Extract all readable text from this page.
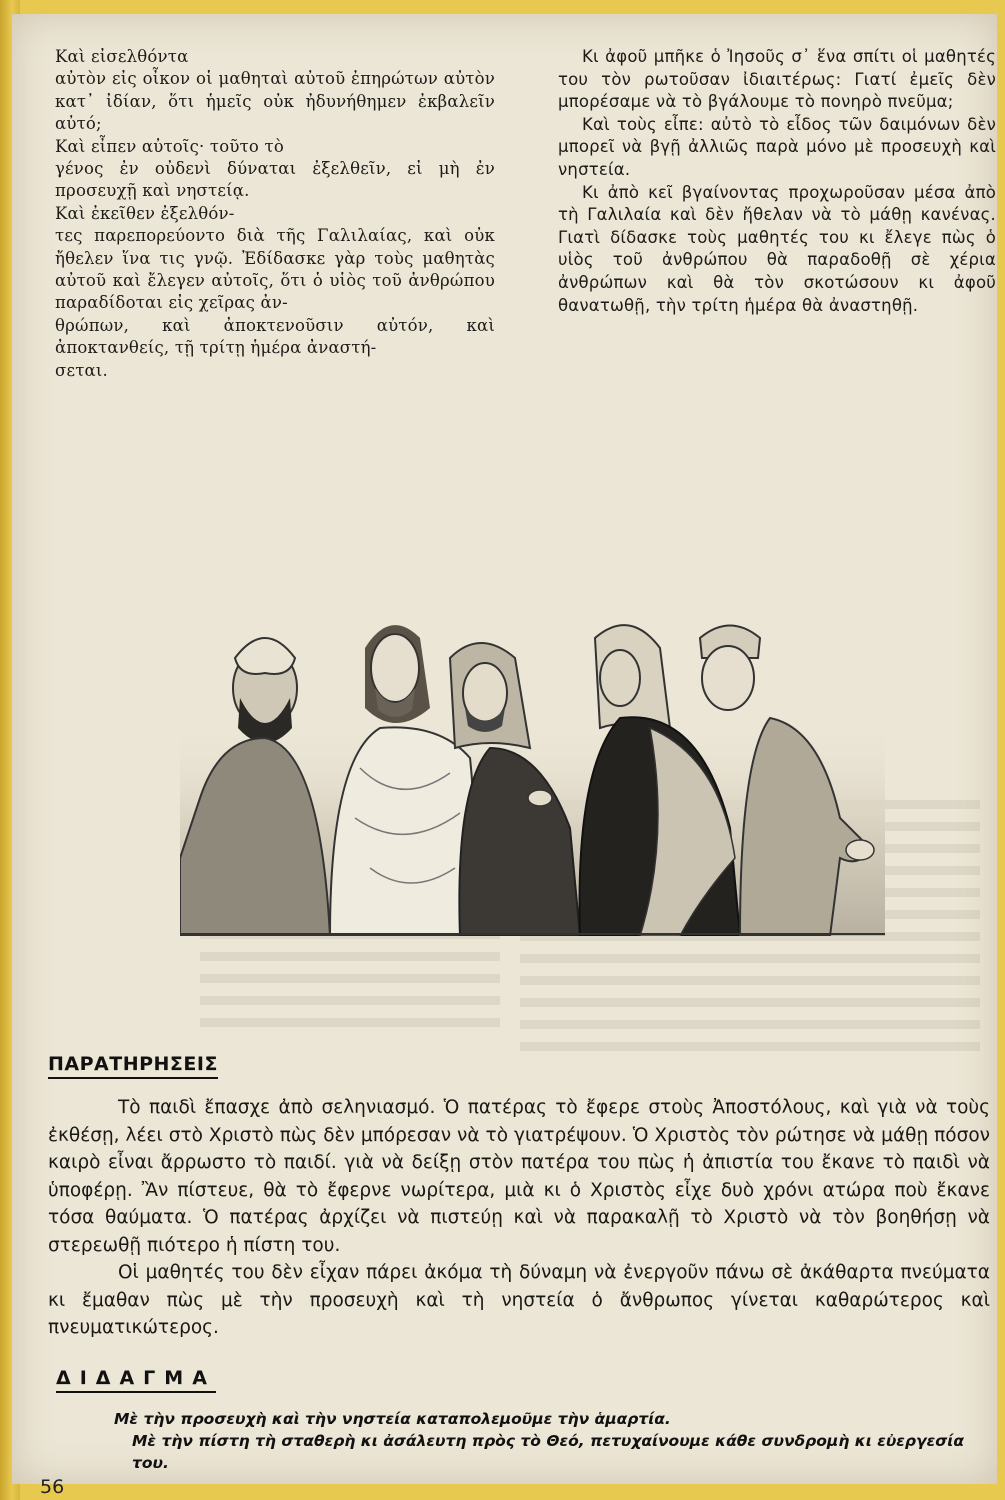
Καὶ εἰσελθόντα
αὐτὸν εἰς οἶκον οἱ μαθηταὶ αὐτοῦ ἐπηρώτων αὐτὸν κατ᾽ ἰδίαν, ὅτι ἡμεῖς οὐκ ἠδυνήθημεν ἐκβαλεῖν αὐτό;

Καὶ εἶπεν αὐτοῖς· τοῦτο τὸ
γένος ἐν οὐδενὶ δύναται ἐξελθεῖν, εἰ μὴ ἐν προσευχῇ καὶ νηστείᾳ.

Καὶ ἐκεῖθεν ἐξελθόν-
τες παρεπορεύοντο διὰ τῆς Γαλιλαίας, καὶ οὐκ ἤθελεν ἵνα τις γνῷ. Ἐδίδασκε γὰρ τοὺς μαθητὰς αὐτοῦ καὶ ἔλεγεν αὐτοῖς, ὅτι ὁ υἱὸς τοῦ ἀνθρώπου παραδίδοται εἰς χεῖρας ἀν-
θρώπων, καὶ ἀποκτενοῦσιν αὐτόν, καὶ ἀποκτανθείς, τῇ τρίτῃ ἡμέρα ἀναστή-
σεται.

Κι ἀφοῦ μπῆκε ὁ Ἰησοῦς σ᾽ ἕνα σπίτι οἱ μαθητές του τὸν ρωτοῦσαν ἰδιαιτέρως: Γιατί ἐμεῖς δὲν μπορέσαμε νὰ τὸ βγάλουμε τὸ πονηρὸ πνεῦμα;

Καὶ τοὺς εἶπε: αὐτὸ τὸ εἶδος τῶν δαιμόνων δὲν μπορεῖ νὰ βγῇ ἀλλιῶς παρὰ μόνο μὲ προσευχὴ καὶ νηστεία.

Κι ἀπὸ κεῖ βγαίνοντας προχωροῦσαν μέσα ἀπὸ τὴ Γαλιλαία καὶ δὲν ἤθελαν νὰ τὸ μάθῃ κανένας. Γιατὶ δίδασκε τοὺς μαθητές του κι ἔλεγε πὼς ὁ υἱὸς τοῦ ἀνθρώπου θὰ παραδοθῇ σὲ χέρια ἀνθρώπων καὶ θὰ τὸν σκοτώσουν κι ἀφοῦ θανατωθῇ, τὴν τρίτη ἡμέρα θὰ ἀναστηθῇ.

ΠΑΡΑΤΗΡΗΣΕΙΣ

Τὸ παιδὶ ἔπασχε ἀπὸ σεληνιασμό. Ὁ πατέρας τὸ ἔφερε στοὺς Ἀποστόλους, καὶ γιὰ νὰ τοὺς ἐκθέσῃ, λέει στὸ Χριστὸ πὼς δὲν μπόρεσαν νὰ τὸ γιατρέψουν. Ὁ Χριστὸς τὸν ρώτησε νὰ μάθῃ πόσον καιρὸ εἶναι ἄρρωστο τὸ παιδί. γιὰ νὰ δείξῃ στὸν πατέρα του πὼς ἡ ἀπιστία του ἔκανε τὸ παιδὶ νὰ ὑποφέρῃ. Ἂν πίστευε, θὰ τὸ ἔφερνε νωρίτερα, μιὰ κι ὁ Χριστὸς εἶχε δυὸ χρόνι ατώρα ποὺ ἔκανε τόσα θαύματα. Ὁ πατέρας ἀρχίζει νὰ πιστεύῃ καὶ νὰ παρακαλῇ τὸ Χριστὸ νὰ τὸν βοηθήσῃ νὰ στερεωθῇ πιότερο ἡ πίστη του.

Οἱ μαθητές του δὲν εἶχαν πάρει ἀκόμα τὴ δύναμη νὰ ἐνεργοῦν πάνω σὲ ἀκάθαρτα πνεύματα κι ἔμαθαν πὼς μὲ τὴν προσευχὴ καὶ τὴ νηστεία ὁ ἄνθρωπος γίνεται καθαρώτερος καὶ πνευματικώτερος.

ΔΙΔΑΓΜΑ

Μὲ τὴν προσευχὴ καὶ τὴν νηστεία καταπολεμοῦμε τὴν ἁμαρτία.

Μὲ τὴν πίστη τὴ σταθερὴ κι ἀσάλευτη πρὸς τὸ Θεό, πετυχαίνουμε κάθε συνδρομὴ κι εὐεργεσία του.

56
